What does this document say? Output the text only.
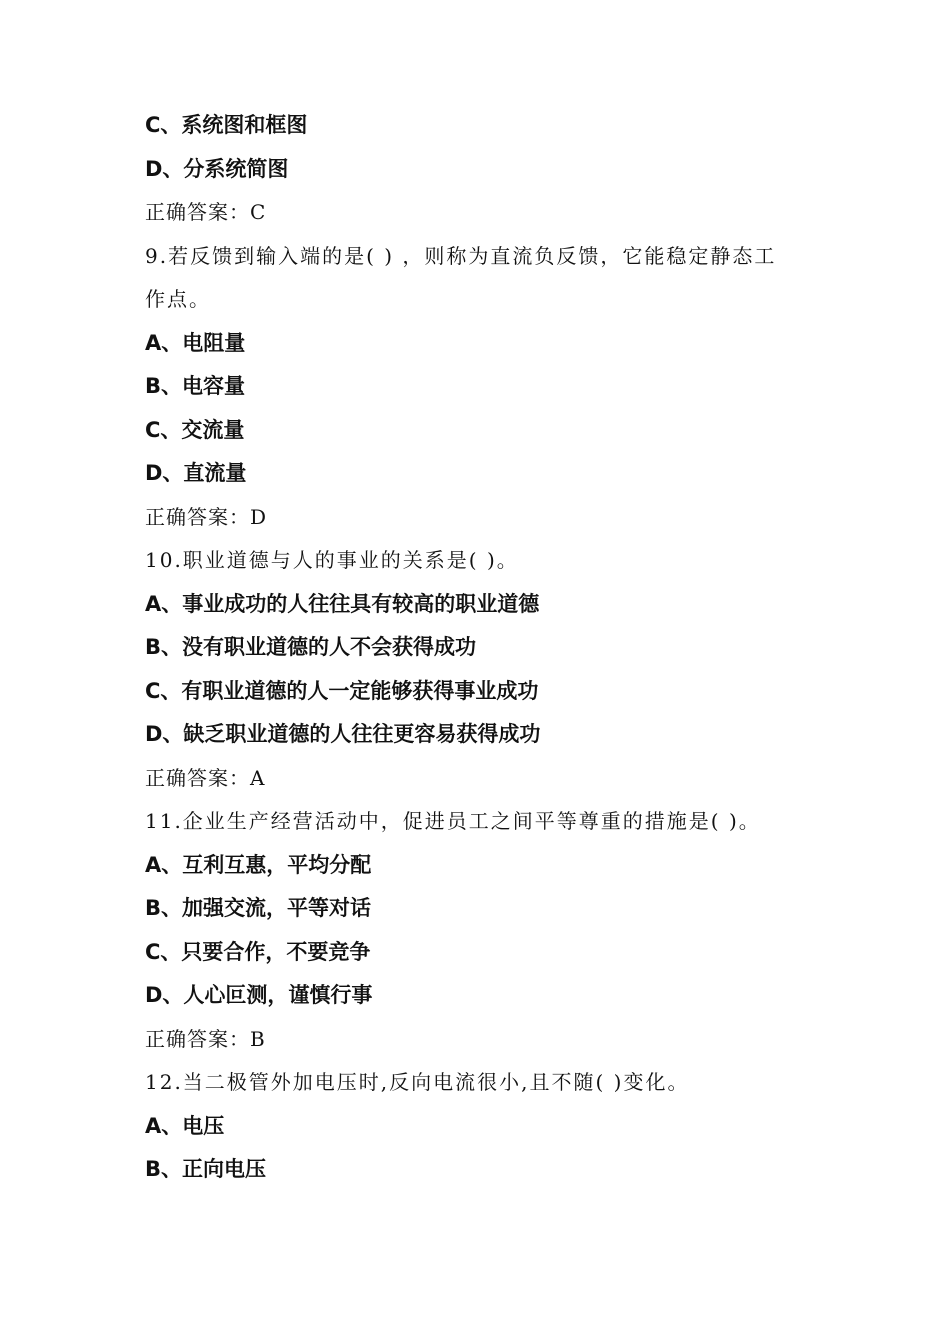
C、系统图和框图
D、分系统简图
正确答案：C
9.若反馈到输入端的是( ) ，则称为直流负反馈，它能稳定静态工
作点。
A、电阻量
B、电容量
C、交流量
D、直流量
正确答案：D
10.职业道德与人的事业的关系是( )。
A、事业成功的人往往具有较高的职业道德
B、没有职业道德的人不会获得成功
C、有职业道德的人一定能够获得事业成功
D、缺乏职业道德的人往往更容易获得成功
正确答案：A
11.企业生产经营活动中，促进员工之间平等尊重的措施是( )。
A、互利互惠，平均分配
B、加强交流，平等对话
C、只要合作，不要竞争
D、人心叵测，谨慎行事
正确答案：B
12.当二极管外加电压时,反向电流很小,且不随( )变化。
A、电压
B、正向电压
